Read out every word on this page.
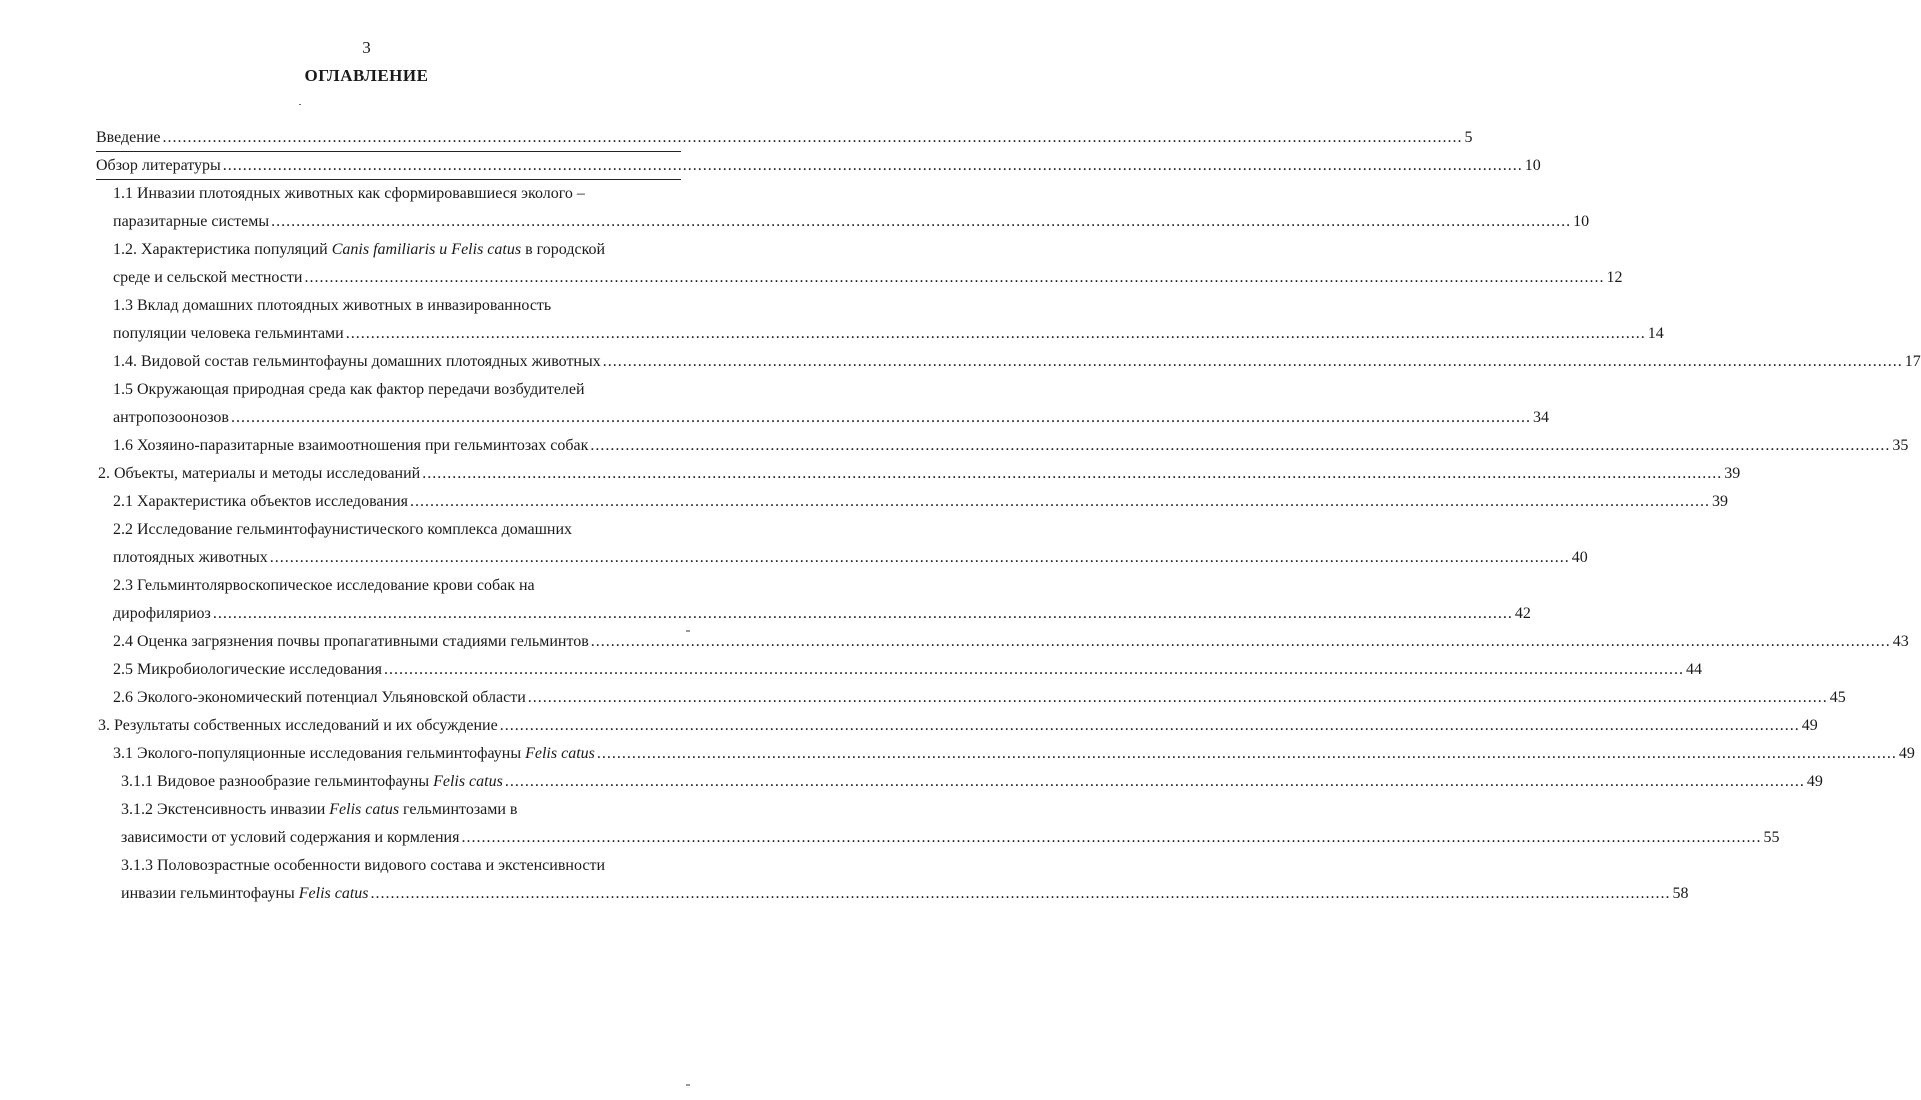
3
ОГЛАВЛЕНИЕ
Введение .................................................................................................................................................................................................................................................................... 5
Обзор литературы .................................................................................................................................................................................................................................................................... 10
1.1 Инвазии плотоядных животных как сформировавшиеся эколого –
паразитарные системы .................................................................................................................................................................................................................................................................... 10
1.2. Характеристика популяций Canis familiaris u Felis catus в городской
среде и сельской местности .................................................................................................................................................................................................................................................................... 12
1.3 Вклад домашних плотоядных животных в инвазированность
популяции человека гельминтами .................................................................................................................................................................................................................................................................... 14
1.4. Видовой состав гельминтофауны домашних плотоядных животных .................................................................................................................................................................................................................................................................... 17
1.5 Окружающая природная среда как фактор передачи возбудителей
антропозоонозов .................................................................................................................................................................................................................................................................... 34
1.6 Хозяино-паразитарные взаимоотношения при гельминтозах собак .................................................................................................................................................................................................................................................................... 35
2. Объекты, материалы и методы исследований .................................................................................................................................................................................................................................................................... 39
2.1 Характеристика объектов исследования .................................................................................................................................................................................................................................................................... 39
2.2 Исследование гельминтофаунистического комплекса домашних
плотоядных животных .................................................................................................................................................................................................................................................................... 40
2.3 Гельминтолярвоскопическое исследование крови собак на
дирофиляриоз .................................................................................................................................................................................................................................................................... 42
2.4 Оценка загрязнения почвы пропагативными стадиями гельминтов .................................................................................................................................................................................................................................................................... 43
2.5 Микробиологические исследования .................................................................................................................................................................................................................................................................... 44
2.6 Эколого-экономический потенциал Ульяновской области .................................................................................................................................................................................................................................................................... 45
3. Результаты собственных исследований и их обсуждение .................................................................................................................................................................................................................................................................... 49
3.1 Эколого-популяционные исследования гельминтофауны Felis catus .................................................................................................................................................................................................................................................................... 49
3.1.1 Видовое разнообразие гельминтофауны Felis catus .................................................................................................................................................................................................................................................................... 49
3.1.2 Экстенсивность инвазии Felis catus гельминтозами в
зависимости от условий содержания и кормления .................................................................................................................................................................................................................................................................... 55
3.1.3 Половозрастные особенности видового состава и экстенсивности
инвазии гельминтофауны Felis catus .................................................................................................................................................................................................................................................................... 58
